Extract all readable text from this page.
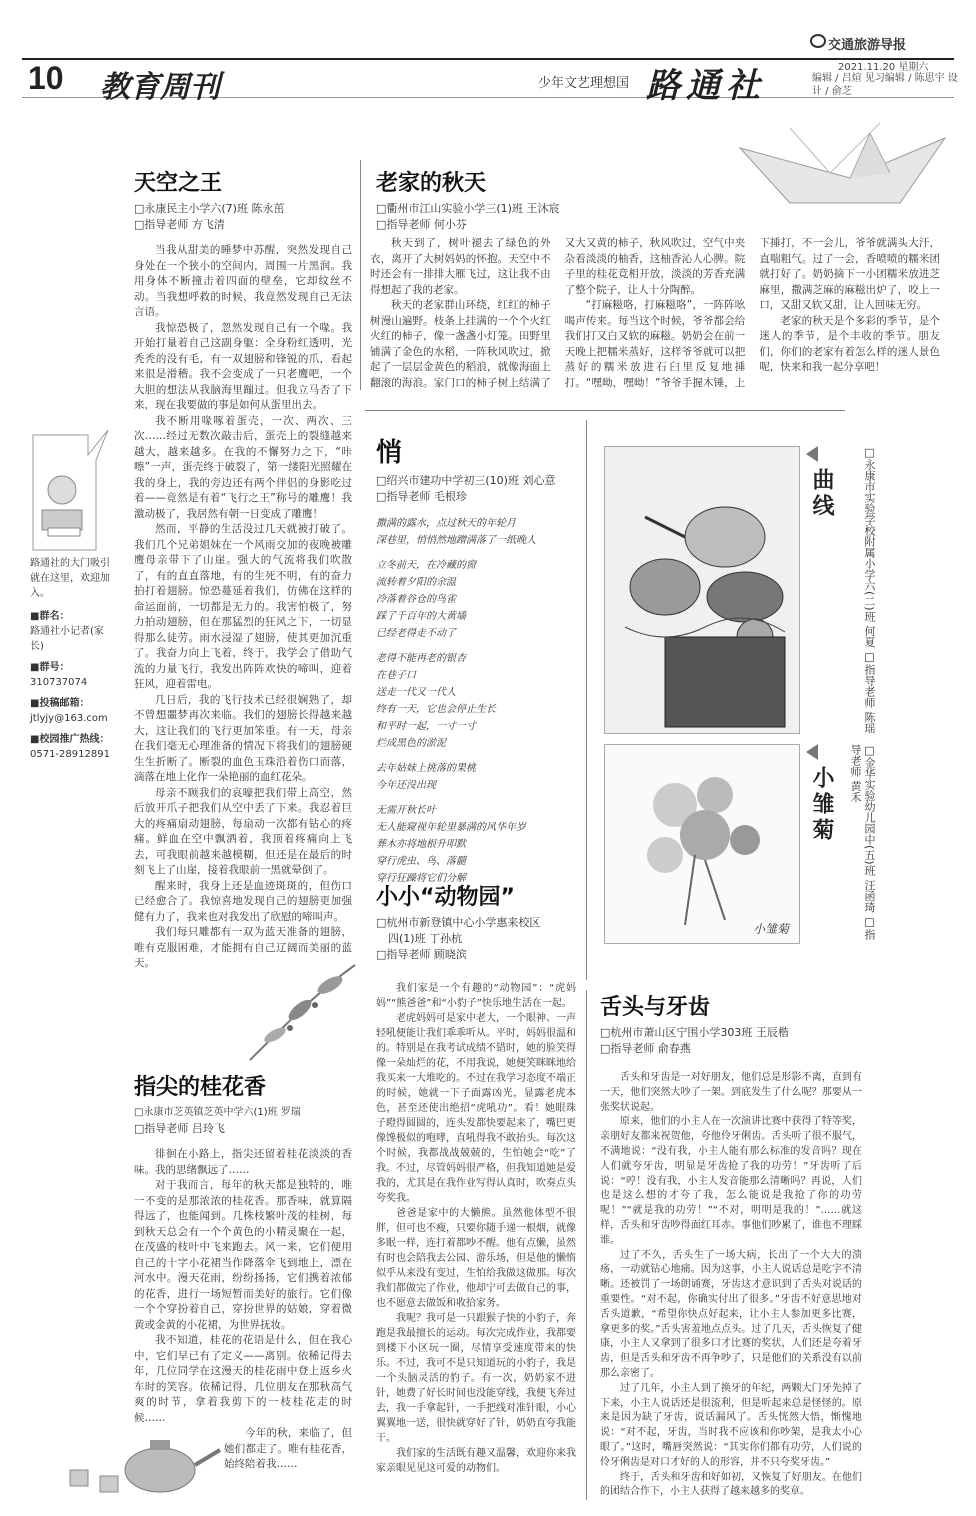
交通旅游导报
10 教育周刊	少年文艺理想国 路通社	2021.11.20 星期六
编辑 / 吕煊 见习编辑 / 陈思宇 设计 / 俞芝

路通社的大门吸引就在这里，欢迎加入。

■群名：

路通社小记者(家长)

■群号：

310737074

■投稿邮箱：

jtlyjy@163.com

■校园推广热线：

0571-28912891

天空之王

□永康民主小学六(7)班 陈永茁

□指导老师 方飞清

当我从甜美的睡梦中苏醒，突然发现自己身处在一个狭小的空间内，周围一片黑润。我用身体不断撞击着四面的壁垒，它却纹丝不动。当我想呼救的时候，我竟然发现自己无法言语。

我惊恐极了，忽然发现自己有一个喙。我开始打量着自己这副身躯：全身粉红透明，光秃秃的没有毛，有一双翅膀和锋锐的爪，看起来很是滑稽。我不会变成了一只老鹰吧，一个大胆的想法从我脑海里蹦过。但我立马否了下来，现在我要做的事是如何从蛋里出去。

我不断用喙啄着蛋壳，一次、两次、三次……经过无数次敲击后，蛋壳上的裂缝越来越大，越来越多。在我的不懈努力之下，“咔嚓”一声，蛋壳终于破裂了，第一缕阳光照耀在我的身上，我的旁边还有两个伴侣的身影吃过着——竟然是有着“飞行之王”称号的雕鹰！我激动极了，我居然有朝一日变成了雕鹰！

然而，平静的生活没过几天就被打破了。我们几个兄弟姐妹在一个风雨交加的夜晚被雕鹰母亲带下了山崖。强大的气流将我们吹散了，有的直直落地，有的生死不明，有的奋力拍打着翅膀。惊恐蔓延着我们，仿佛在这样的命运面前，一切都是无力的。我害怕极了，努力拍动翅膀，但在那猛烈的狂风之下，一切显得那么徒劳。雨水浸湿了翅膀，使其更加沉重了。我奋力向上飞着，终于，我学会了借助气流的力量飞行，我发出阵阵欢快的啼叫，迎着狂风，迎着雷电。

几日后，我的飞行技术已经很娴熟了，却不曾想噩梦再次来临。我们的翅膀长得越来越大，这让我们的飞行更加笨重。有一天，母亲在我们毫无心理准备的情况下将我们的翅膀硬生生折断了。断裂的血色玉珠沿着伤口而落，滴落在地上化作一朵艳丽的血红花朵。

母亲不顾我们的哀嚎把我们带上高空，然后放开爪子把我们从空中丢了下来。我忍着巨大的疼痛扇动翅膀，每扇动一次都有钻心的疼痛。鲜血在空中飘洒着，我顶着疼痛向上飞去，可我眼前越来越模糊，但还是在最后的时刻飞上了山崖，接着我眼前一黑就晕倒了。

醒来时，我身上还是血迹斑斑的，但伤口已经愈合了。我惊喜地发现自己的翅膀更加强健有力了，我来也对我发出了欣慰的啼叫声。

我们每只雕都有一双为蓝天准备的翅膀，唯有克服困难，才能拥有自己辽阔而美丽的蓝天。

指尖的桂花香

□永康市芝英镇芝英中学六(1)班 罗瑞

□指导老师 吕玲飞

徘徊在小路上，指尖还留着桂花淡淡的香味。我的思绪飘远了……

对于我而言，每年的秋天都是独特的，唯一不变的是那浓浓的桂花香。那香味，就算隔得远了，也能闻到。几株枝繁叶茂的桂树，每到秋天总会有一个个黄色的小精灵聚在一起，在茂盛的枝叶中飞来跑去。风一来，它们便用自己的十字小花裙当作降落伞飞到地上，漂在河水中。漫天花雨，纷纷扬扬，它们携着浓郁的花香，进行一场短暂而美好的旅行。它们像一个个穿扮着自己，穿扮世界的姑娘，穿着微黄或金黄的小花裙，为世界抚妆。

我不知道，桂花的花语是什么，但在我心中，它们早已有了定义——离别。依稀记得去年，几位同学在这漫天的桂花雨中登上返乡火车时的笑容。依稀记得，几位朋友在那秋高气爽的时节，拿着我剪下的一枝桂花走的时候……

今年的秋，来临了，但她们都走了。唯有桂花香，始终陪着我……

老家的秋天

□衢州市江山实验小学三(1)班 王沐宸

□指导老师 何小芬

秋天到了，树叶褪去了绿色的外衣，离开了大树妈妈的怀抱。天空中不时还会有一排排大雁飞过，这让我不由得想起了我的老家。

秋天的老家群山环绕，红红的柿子树漫山遍野。枝条上挂满的一个个火红火红的柿子，像一盏盏小灯笼。田野里铺满了金色的水稻，一阵秋风吹过，掀起了一层层金黄色的稻浪，就像海面上翻滚的海浪。家门口的柿子树上结满了又大又黄的柿子，秋风吹过，空气中夹杂着淡淡的柚香，这柚香沁人心脾。院子里的桂花竞相开放，淡淡的芳香充满了整个院子，让人十分陶醉。

“打麻糍咯，打麻糍咯”，一阵阵吆喝声传来。每当这个时候，爷爷都会给我们打又白又软的麻糍。奶奶会在前一天晚上把糯米蒸好，这样爷爷就可以把蒸好的糯米放进石臼里反复地捶打。“嘿呦，嘿呦！”爷爷手握木锤，上下捶打，不一会儿，爷爷就满头大汗，直喘粗气。过了一会，香喷喷的糯米团就打好了。奶奶摘下一小团糯米放进芝麻里，撒满芝麻的麻糍出炉了，咬上一口，又甜又软又甜，让人回味无穷。

老家的秋天是个多彩的季节，是个迷人的季节，是个丰收的季节。朋友们，你们的老家有着怎么样的迷人景色呢，快来和我一起分享吧！

悄

□绍兴市建功中学初三(10)班 刘心意

□指导老师 毛根珍

撒满的露水，点过秋天的年轮月

深巷里，悄悄然地蹭满落了一纸晚人

立冬前天，在冷藏的窗

流转着夕阳的余温

冷落着谷仓的鸟雀

踩了千百年的大黄墙

已经老得走不动了

老得不能再老的银杏

在巷子口

送走一代又一代人

终有一天，它也会停止生长

和平时一起，一寸一寸

烂成黑色的淤泥

去年姑妹上挑落的果桃

今年还没出现

无需开秋长叶

无人能窥视年轮里暴满的风华年岁

葬木亦将地根升叩默

穿行虎虫、鸟、落髓

穿行狂躁将它们分解

曲线	□永康市实验学校附属小学六(二)班 何夏 □指导老师 陈瑶
小雏菊
小雏菊	□金华实验幼儿园中(五)班 汪函琦 □指导老师 黄禾
小小“动物园”

□杭州市新登镇中心小学惠来校区

四(1)班 丁孙杭

□指导老师 顾晓滨

我们家是一个有趣的“动物园”：“虎妈妈”“熊爸爸”和“小豹子”快乐地生活在一起。

老虎妈妈可是家中老大，一个眼神、一声轻吼便能让我们乖乖听从。平时，妈妈很温和的。特别是在我考试成绩不错时，她的脸笑得像一朵灿烂的花，不用我说，她便笑眯眯地给我买来一大堆吃的。不过在我学习态度不端正的时候，她就一下子面露凶光，显露老虎本色，甚至还使出绝招“虎吼功”。看！她眼珠子瞪得圆圆的，连头发都快要起来了，嘴巴更像馋极似的咆哮，直吼得我不敢抬头。每次这个时候，我都战战兢兢的，生怕她会“吃”了我。不过，尽管妈妈很严格，但我知道她是爱我的，尤其是在我作业写得认真时，吹奏点头夸奖我。

爸爸是家中的大懒熊。虽然他体型不很胖，但可也不瘦，只要你随手递一根烟，就像多眠一样，连打着都吵不醒。他有点懒，虽然有时也会陪我去公园、游乐场，但是他的懒惰似乎从来没有变过，生怕给我做这做那。每次我们都做完了作业，他却宁可去做自己的事，也不愿意去做饭和收拾家务。

我呢？我可是一只跟猴子快的小豹子，奔跑是我最擅长的运动。每次完成作业，我都要到楼下小区玩一圈，尽情享受速度带来的快乐。不过，我可不是只知道玩的小豹子，我是一个头脑灵活的豹子。有一次，奶奶家不进针，她费了好长时间也没能穿线，我便飞奔过去，我一手拿起针，一手把线对准针眼，小心翼翼地一送，很快就穿好了针，奶奶直夸我能干。

我们家的生活既有趣又温馨，欢迎你来我家亲眼见见这可爱的动物们。

舌头与牙齿

□杭州市萧山区宁围小学303班 王辰楷

□指导老师 俞春燕

舌头和牙齿是一对好朋友，他们总是形影不离，直到有一天，他们突然大吵了一架。到底发生了什么呢？那要从一张奖状说起。

原来，他们的小主人在一次演讲比赛中获得了特等奖，亲朋好友都来祝贺他，夸他伶牙俐齿。舌头听了很不服气，不满地说：“没有我，小主人能有那么标准的发音吗？现在人们就夸牙齿，明显是牙齿抢了我的功劳！”牙齿听了后说：“哼！没有我，小主人发音能那么清晰吗？再说，人们也是这么想的才夸了我，怎么能说是我抢了你的功劳呢！”“就是我的功劳！”“不对，明明是我的！”……就这样，舌头和牙齿吵得面红耳赤。事他们吵累了，谁也不理睬谁。

过了不久，舌头生了一场大病，长出了一个大大的溃疡，一动就钻心地痛。因为这事，小主人说话总是吃字不清晰。还被罚了一场朗诵赛，牙齿这才意识到了舌头对说话的重要性。“对不起，你确实付出了很多。”牙齿不好意思地对舌头道歉，“希望你快点好起来，让小主人参加更多比赛，拿更多的奖。”舌头害羞地点点头。过了几天，舌头恢复了健康，小主人又拿到了很多口才比赛的奖状，人们还是夸着牙齿，但是舌头和牙齿不再争吵了，只是他们的关系没有以前那么亲密了。

过了几年，小主人到了换牙的年纪，两颗大门牙先掉了下来，小主人说话还是很流利，但是听起来总是怪怪的。原来是因为缺了牙齿，说话漏风了。舌头恍然大悟，惭愧地说：“对不起，牙齿，当时我不应该和你吵架，是我太小心眼了。”这时，嘴唇突然说：“其实你们都有功劳，人们说的伶牙俐齿是对口才好的人的形容，并不只夸奖牙齿。”

终于，舌头和牙齿和好如初，又恢复了好朋友。在他们的团结合作下，小主人获得了越来越多的奖章。
